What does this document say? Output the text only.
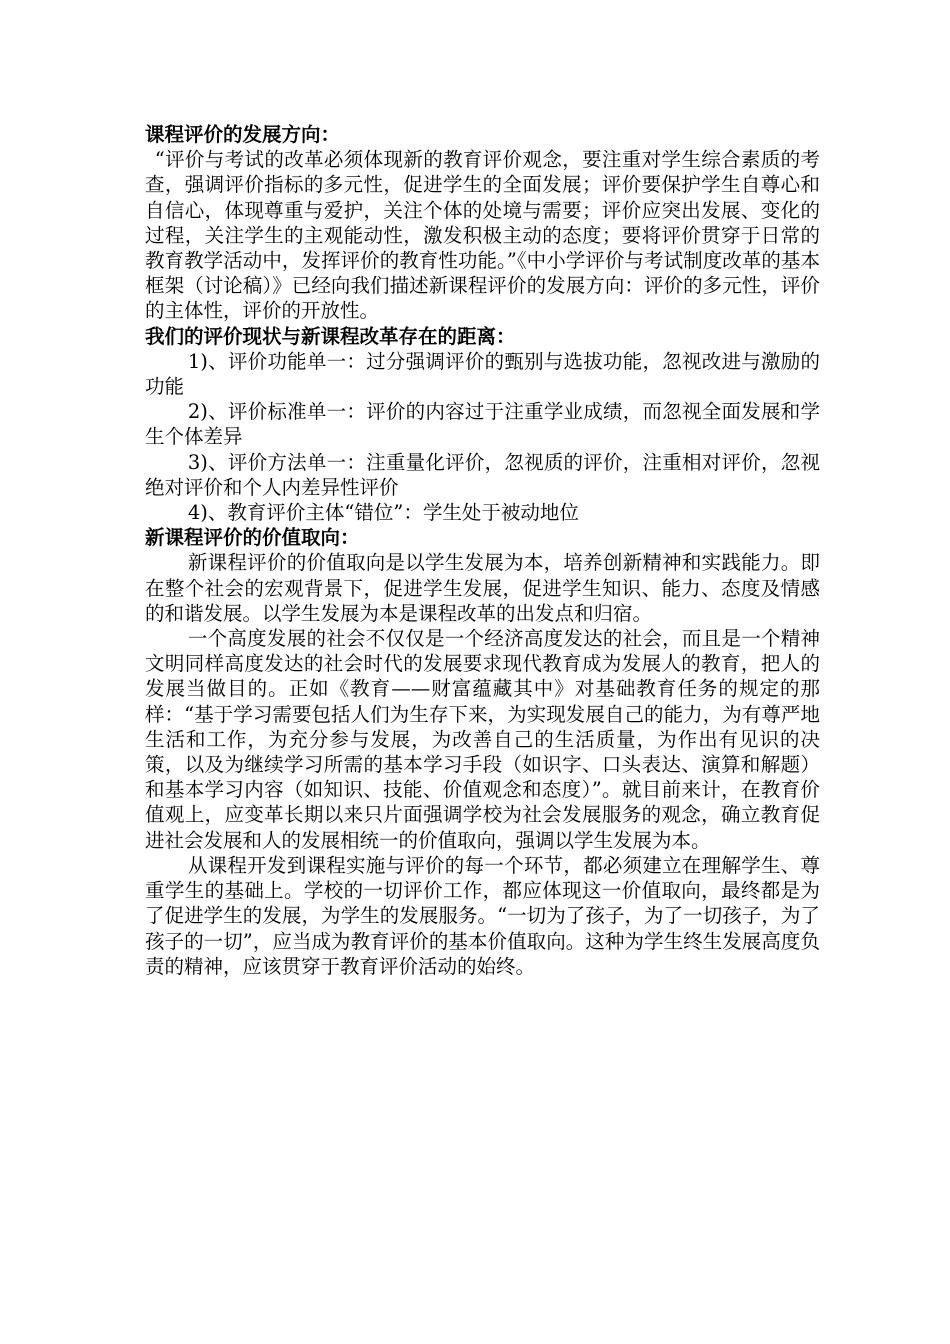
课程评价的发展方向：

“评价与考试的改革必须体现新的教育评价观念，要注重对学生综合素质的考查，强调评价指标的多元性，促进学生的全面发展；评价要保护学生自尊心和自信心，体现尊重与爱护，关注个体的处境与需要；评价应突出发展、变化的过程，关注学生的主观能动性，激发积极主动的态度；要将评价贯穿于日常的教育教学活动中，发挥评价的教育性功能。”《中小学评价与考试制度改革的基本框架（讨论稿）》已经向我们描述新课程评价的发展方向：评价的多元性，评价的主体性，评价的开放性。

我们的评价现状与新课程改革存在的距离：

1)、评价功能单一：过分强调评价的甄别与选拔功能，忽视改进与激励的功能

2)、评价标准单一：评价的内容过于注重学业成绩，而忽视全面发展和学生个体差异

3)、评价方法单一：注重量化评价，忽视质的评价，注重相对评价，忽视绝对评价和个人内差异性评价

4)、教育评价主体“错位”：学生处于被动地位

新课程评价的价值取向：

新课程评价的价值取向是以学生发展为本，培养创新精神和实践能力。即在整个社会的宏观背景下，促进学生发展，促进学生知识、能力、态度及情感的和谐发展。以学生发展为本是课程改革的出发点和归宿。

一个高度发展的社会不仅仅是一个经济高度发达的社会，而且是一个精神文明同样高度发达的社会时代的发展要求现代教育成为发展人的教育，把人的发展当做目的。正如《教育——财富蕴藏其中》对基础教育任务的规定的那样：“基于学习需要包括人们为生存下来，为实现发展自己的能力，为有尊严地生活和工作，为充分参与发展，为改善自己的生活质量，为作出有见识的决策，以及为继续学习所需的基本学习手段（如识字、口头表达、演算和解题）和基本学习内容（如知识、技能、价值观念和态度）”。就目前来计，在教育价值观上，应变革长期以来只片面强调学校为社会发展服务的观念，确立教育促进社会发展和人的发展相统一的价值取向，强调以学生发展为本。

从课程开发到课程实施与评价的每一个环节，都必须建立在理解学生、尊重学生的基础上。学校的一切评价工作，都应体现这一价值取向，最终都是为了促进学生的发展，为学生的发展服务。“一切为了孩子，为了一切孩子，为了孩子的一切”，应当成为教育评价的基本价值取向。这种为学生终生发展高度负责的精神，应该贯穿于教育评价活动的始终。
